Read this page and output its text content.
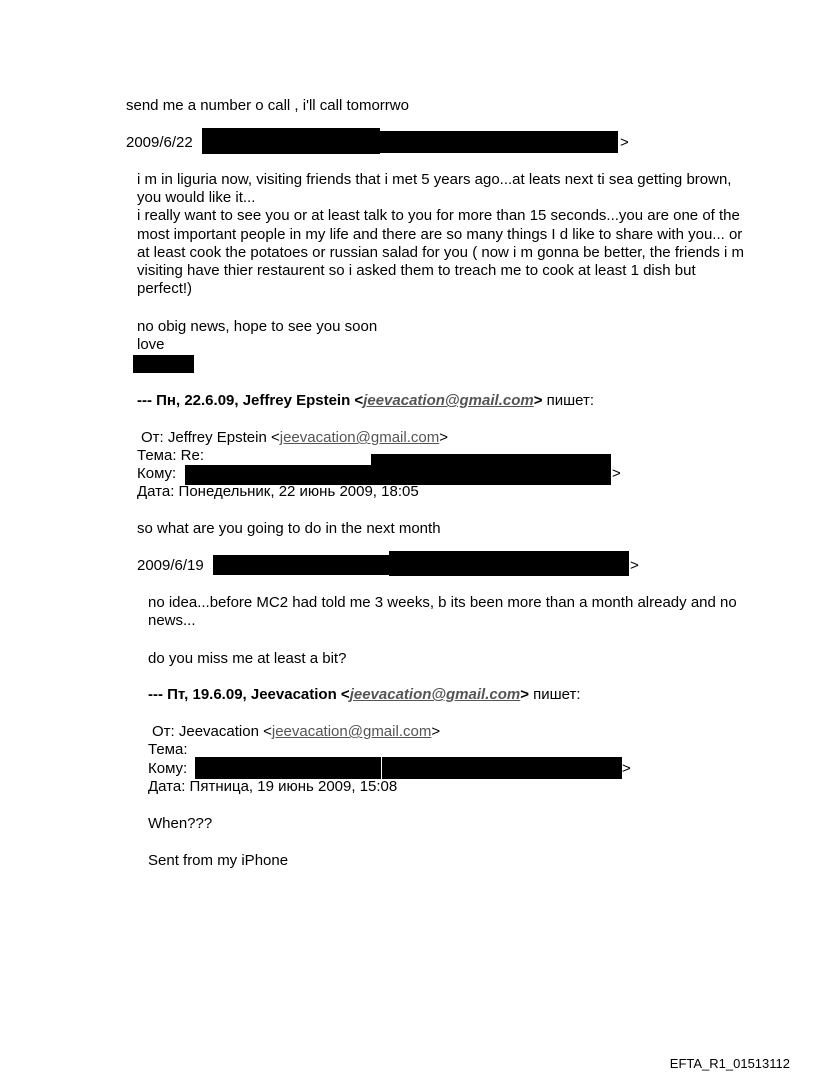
send me a number o call , i'll call tomorrwo
2009/6/22	>
i m in liguria now, visiting friends that i met 5 years ago...at leats next ti sea getting brown, you would like it...
i really want to see you or at least talk to you for more than 15 seconds...you are one of the most important people in my life and there are so many things I d like to share with you... or at least cook the potatoes or russian salad for you ( now i m gonna be better, the friends i m visiting have thier restaurent so i asked them to treach me to cook at least 1 dish but perfect!)
no obig news, hope to see you soon
love
--- Пн, 22.6.09, Jeffrey Epstein <jeevacation@gmail.com> пишет:
От: Jeffrey Epstein <jeevacation@gmail.com>
Тема: Re:
Кому:	>
Дата: Понедельник, 22 июнь 2009, 18:05
so what are you going to do in the next month
2009/6/19	>
no idea...before MC2 had told me 3 weeks, b its been more than a month already and no news...
do you miss me at least a bit?
--- Пт, 19.6.09, Jeevacation <jeevacation@gmail.com> пишет:
От: Jeevacation <jeevacation@gmail.com>
Тема:
Кому:	>
Дата: Пятница, 19 июнь 2009, 15:08
When???
Sent from my iPhone
EFTA_R1_01513112
